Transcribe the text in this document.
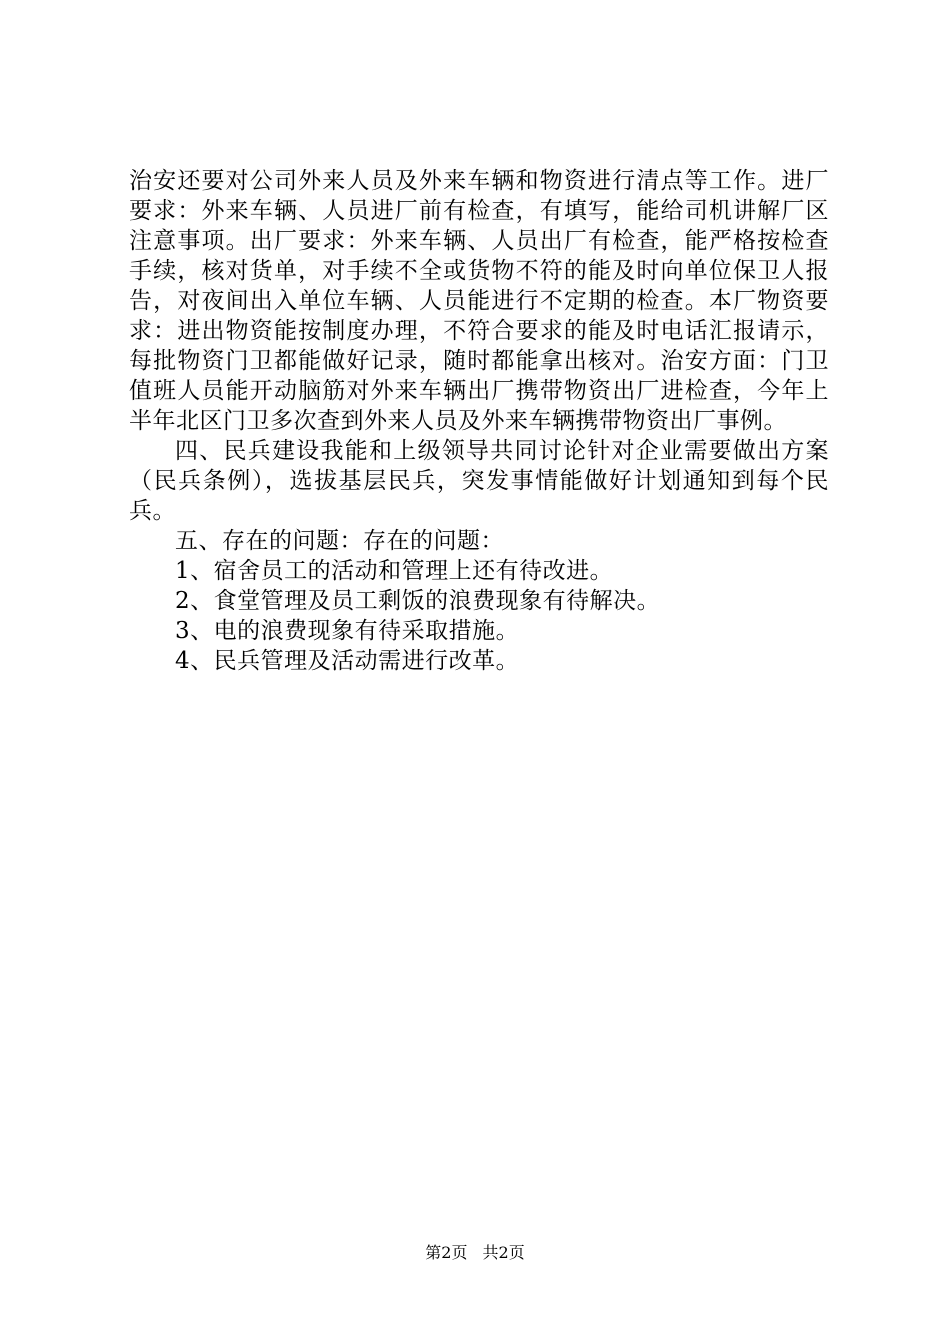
治安还要对公司外来人员及外来车辆和物资进行清点等工作。进厂要求：外来车辆、人员进厂前有检查，有填写，能给司机讲解厂区注意事项。出厂要求：外来车辆、人员出厂有检查，能严格按检查手续，核对货单，对手续不全或货物不符的能及时向单位保卫人报告，对夜间出入单位车辆、人员能进行不定期的检查。本厂物资要求：进出物资能按制度办理，不符合要求的能及时电话汇报请示，每批物资门卫都能做好记录，随时都能拿出核对。治安方面：门卫值班人员能开动脑筋对外来车辆出厂携带物资出厂进检查，今年上半年北区门卫多次查到外来人员及外来车辆携带物资出厂事例。

四、民兵建设我能和上级领导共同讨论针对企业需要做出方案（民兵条例），选拔基层民兵，突发事情能做好计划通知到每个民兵。

五、存在的问题：存在的问题：

1、宿舍员工的活动和管理上还有待改进。

2、食堂管理及员工剩饭的浪费现象有待解决。

3、电的浪费现象有待采取措施。

4、民兵管理及活动需进行改革。

第2页 共2页
